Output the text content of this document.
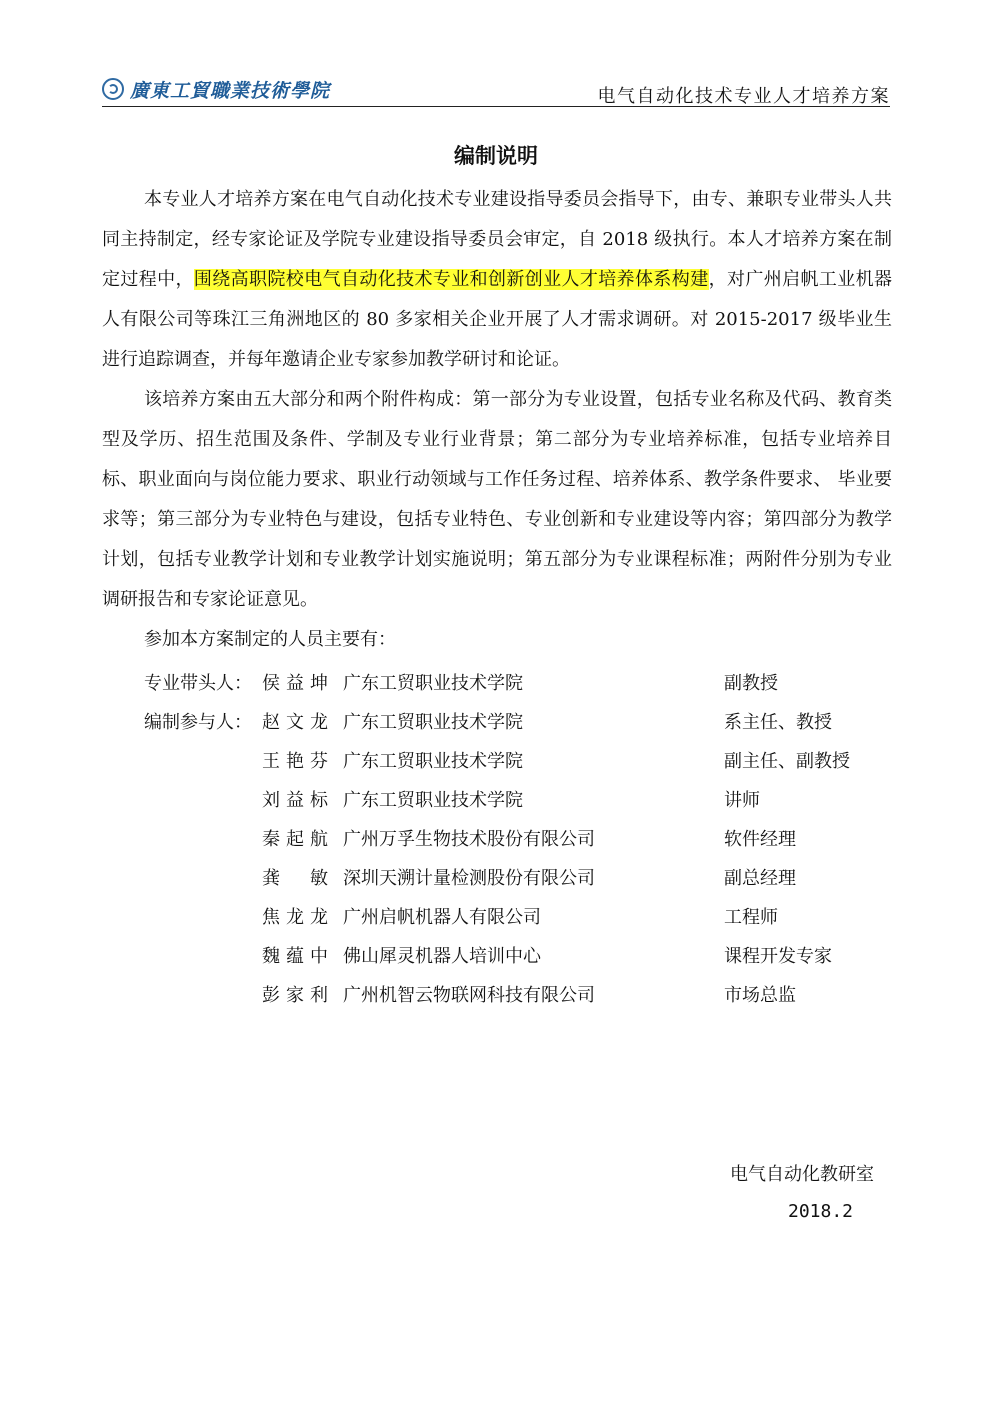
廣東工貿職業技術學院	电气自动化技术专业人才培养方案
编制说明

本专业人才培养方案在电气自动化技术专业建设指导委员会指导下，由专、兼职专业带头人共同主持制定，经专家论证及学院专业建设指导委员会审定，自 2018 级执行。本人才培养方案在制定过程中，围绕高职院校电气自动化技术专业和创新创业人才培养体系构建，对广州启帆工业机器人有限公司等珠江三角洲地区的 80 多家相关企业开展了人才需求调研。对 2015-2017 级毕业生进行追踪调查，并每年邀请企业专家参加教学研讨和论证。

该培养方案由五大部分和两个附件构成：第一部分为专业设置，包括专业名称及代码、教育类型及学历、招生范围及条件、学制及专业行业背景；第二部分为专业培养标准，包括专业培养目标、职业面向与岗位能力要求、职业行动领域与工作任务过程、培养体系、教学条件要求、 毕业要求等；第三部分为专业特色与建设，包括专业特色、专业创新和专业建设等内容；第四部分为教学计划，包括专业教学计划和专业教学计划实施说明；第五部分为专业课程标准；两附件分别为专业调研报告和专家论证意见。

参加本方案制定的人员主要有：

专业带头人： 侯益坤 广东工贸职业技术学院	副教授
编制参与人： 赵文龙 广东工贸职业技术学院	系主任、教授
王艳芬 广东工贸职业技术学院	副主任、副教授
刘益标 广东工贸职业技术学院	讲师
秦起航 广州万孚生物技术股份有限公司	软件经理
龚敏 深圳天溯计量检测股份有限公司	副总经理
焦龙龙 广州启帆机器人有限公司	工程师
魏蕴中 佛山犀灵机器人培训中心	课程开发专家
彭家利 广州机智云物联网科技有限公司	市场总监
电气自动化教研室
2018.2
